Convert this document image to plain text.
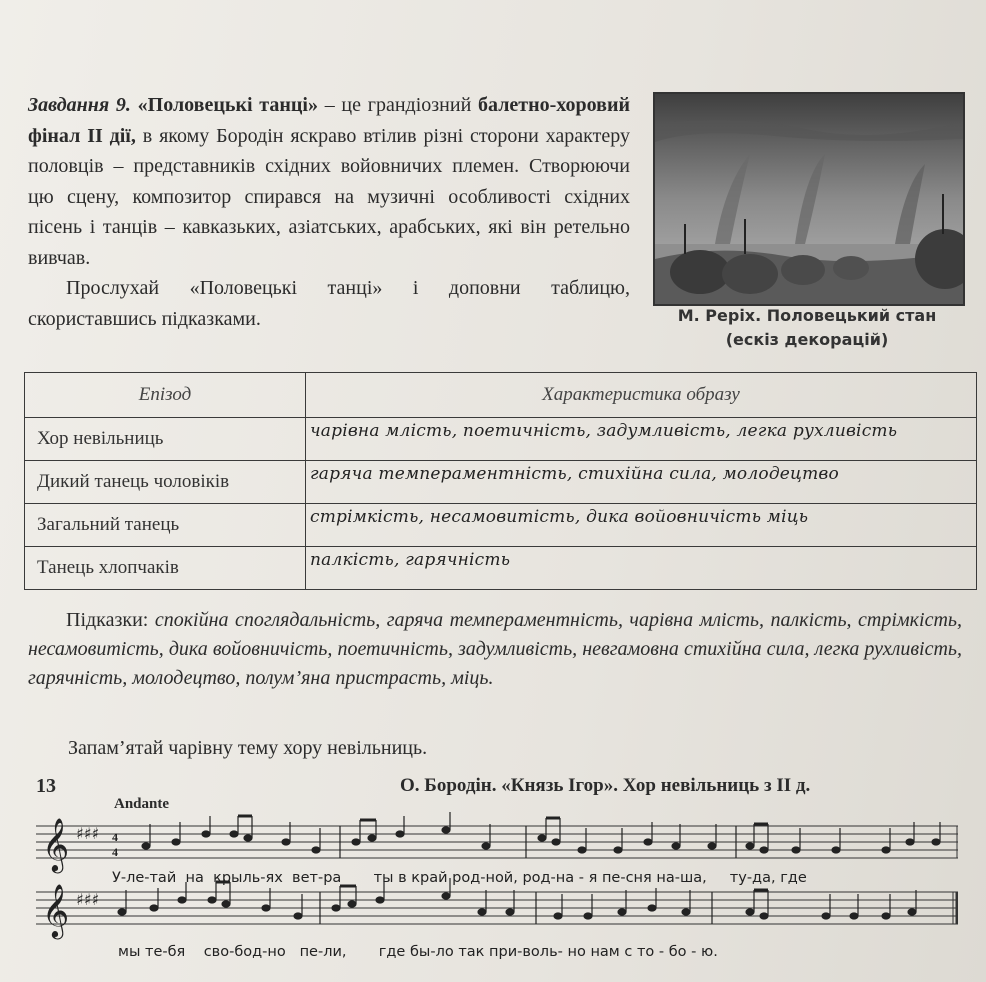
Завдання 9. «Половецькі танці» – це грандіозний балетно-хоровий фінал II дії, в якому Бородін яскраво втілив різні сторони характеру половців – представників східних войовничих племен. Створюючи цю сцену, композитор спирався на музичні особливості східних пісень і танців – кавказьких, азіатських, арабських, які він ретельно вивчав.

Прослухай «Половецькі танці» і доповни таблицю, скориставшись підказками.	М. Реріх. Половецький стан
(ескіз декорацій)
Епізод	Характеристика образу
Хор невільниць	чарівна млість, поетичність, задумливість, легка рухливість
Дикий танець чоловіків	гаряча темпераментність, стихійна сила, молодецтво
Загальний танець	стрімкість, несамовитість, дика войовничість міць
Танець хлопчаків	палкість, гарячність
Підказки: спокійна споглядальність, гаряча темпераментність, чарівна млість, палкість, стрімкість, несамовитість, дика войовничість, поетичність, задумливість, невгамовна стихійна сила, легка рухливість, гарячність, молодецтво, полум’яна пристрасть, міць.
Запам’ятай чарівну тему хору невільниць.
13	О. Бородін. «Князь Ігор». Хор невільниць з II д.
Andante
𝄞 ♯♯♯ 4
4
У-ле-тай на крыль-ях вет-ра ты в край род-ной, род-на - я пе-сня на-ша, ту-да, где
𝄞 ♯♯♯
мы те-бя сво-бод-но пе-ли, где бы-ло так при-воль- но нам с то - бо - ю.
